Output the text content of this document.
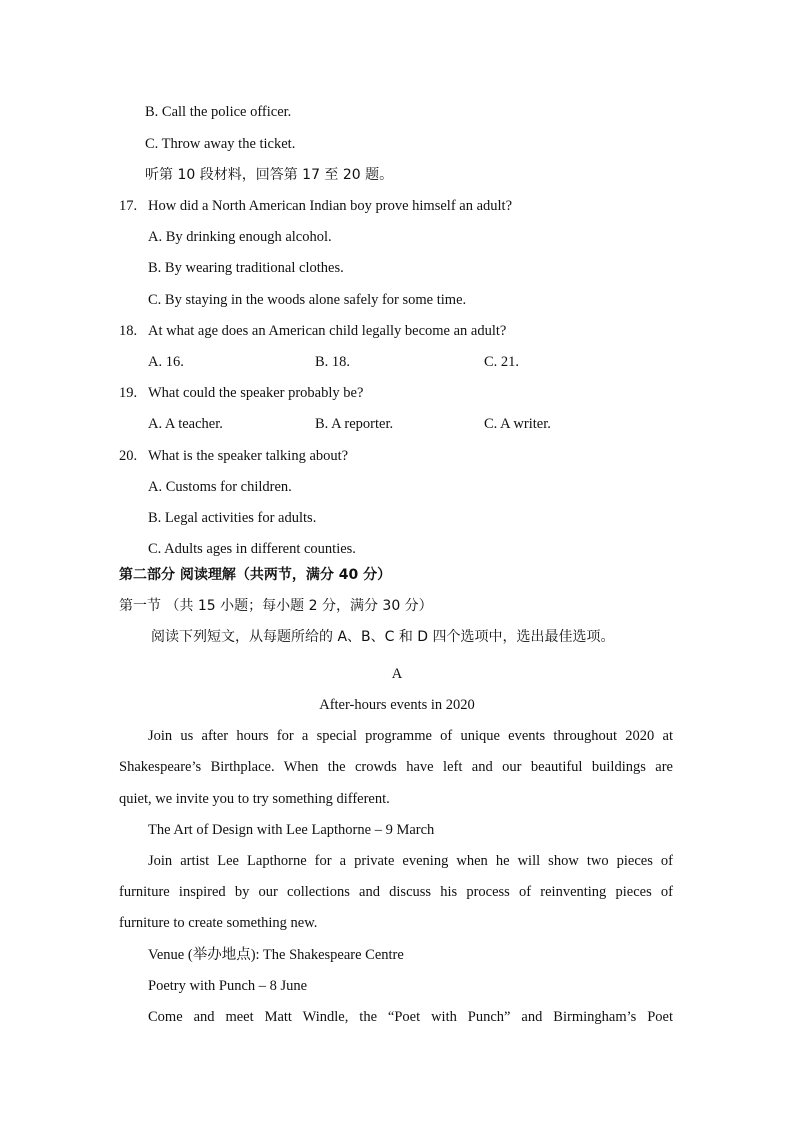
B. Call the police officer.
C. Throw away the ticket.
听第 10 段材料，回答第 17 至 20 题。
17. How did a North American Indian boy prove himself an adult?
A. By drinking enough alcohol.
B. By wearing traditional clothes.
C. By staying in the woods alone safely for some time.
18. At what age does an American child legally become an adult?
A. 16.	B. 18.	C. 21.
19. What could the speaker probably be?
A. A teacher.	B. A reporter.	C. A writer.
20. What is the speaker talking about?
A. Customs for children.
B. Legal activities for adults.
C. Adults ages in different counties.
第二部分 阅读理解（共两节，满分 40 分）
第一节 （共 15 小题；每小题 2 分，满分 30 分）
阅读下列短文，从每题所给的 A、B、C 和 D 四个选项中，选出最佳选项。
A
After-hours events in 2020
Join us after hours for a special programme of unique events throughout 2020 at
Shakespeare’s Birthplace. When the crowds have left and our beautiful buildings are
quiet, we invite you to try something different.
The Art of Design with Lee Lapthorne – 9 March
Join artist Lee Lapthorne for a private evening when he will show two pieces of
furniture inspired by our collections and discuss his process of reinventing pieces of
furniture to create something new.
Venue (举办地点): The Shakespeare Centre
Poetry with Punch – 8 June
Come and meet Matt Windle, the “Poet with Punch” and Birmingham’s Poet
